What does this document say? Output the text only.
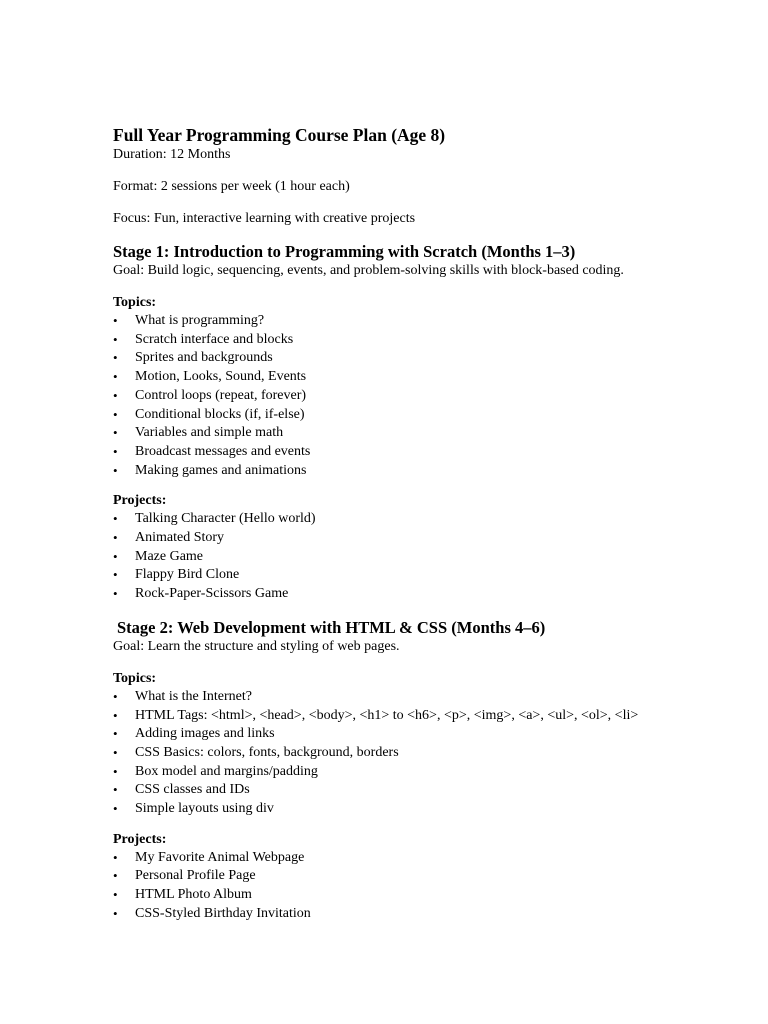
Full Year Programming Course Plan (Age 8)

Duration: 12 Months

Format: 2 sessions per week (1 hour each)

Focus: Fun, interactive learning with creative projects

Stage 1: Introduction to Programming with Scratch (Months 1–3)

Goal: Build logic, sequencing, events, and problem-solving skills with block-based coding.

Topics:

• What is programming?
• Scratch interface and blocks
• Sprites and backgrounds
• Motion, Looks, Sound, Events
• Control loops (repeat, forever)
• Conditional blocks (if, if-else)
• Variables and simple math
• Broadcast messages and events
• Making games and animations

Projects:

• Talking Character (Hello world)
• Animated Story
• Maze Game
• Flappy Bird Clone
• Rock-Paper-Scissors Game
Stage 2: Web Development with HTML & CSS (Months 4–6)

Goal: Learn the structure and styling of web pages.

Topics:

• What is the Internet?
• HTML Tags: <html>, <head>, <body>, <h1> to <h6>, <p>, <img>, <a>, <ul>, <ol>, <li>
• Adding images and links
• CSS Basics: colors, fonts, background, borders
• Box model and margins/padding
• CSS classes and IDs
• Simple layouts using div

Projects:

• My Favorite Animal Webpage
• Personal Profile Page
• HTML Photo Album
• CSS-Styled Birthday Invitation
